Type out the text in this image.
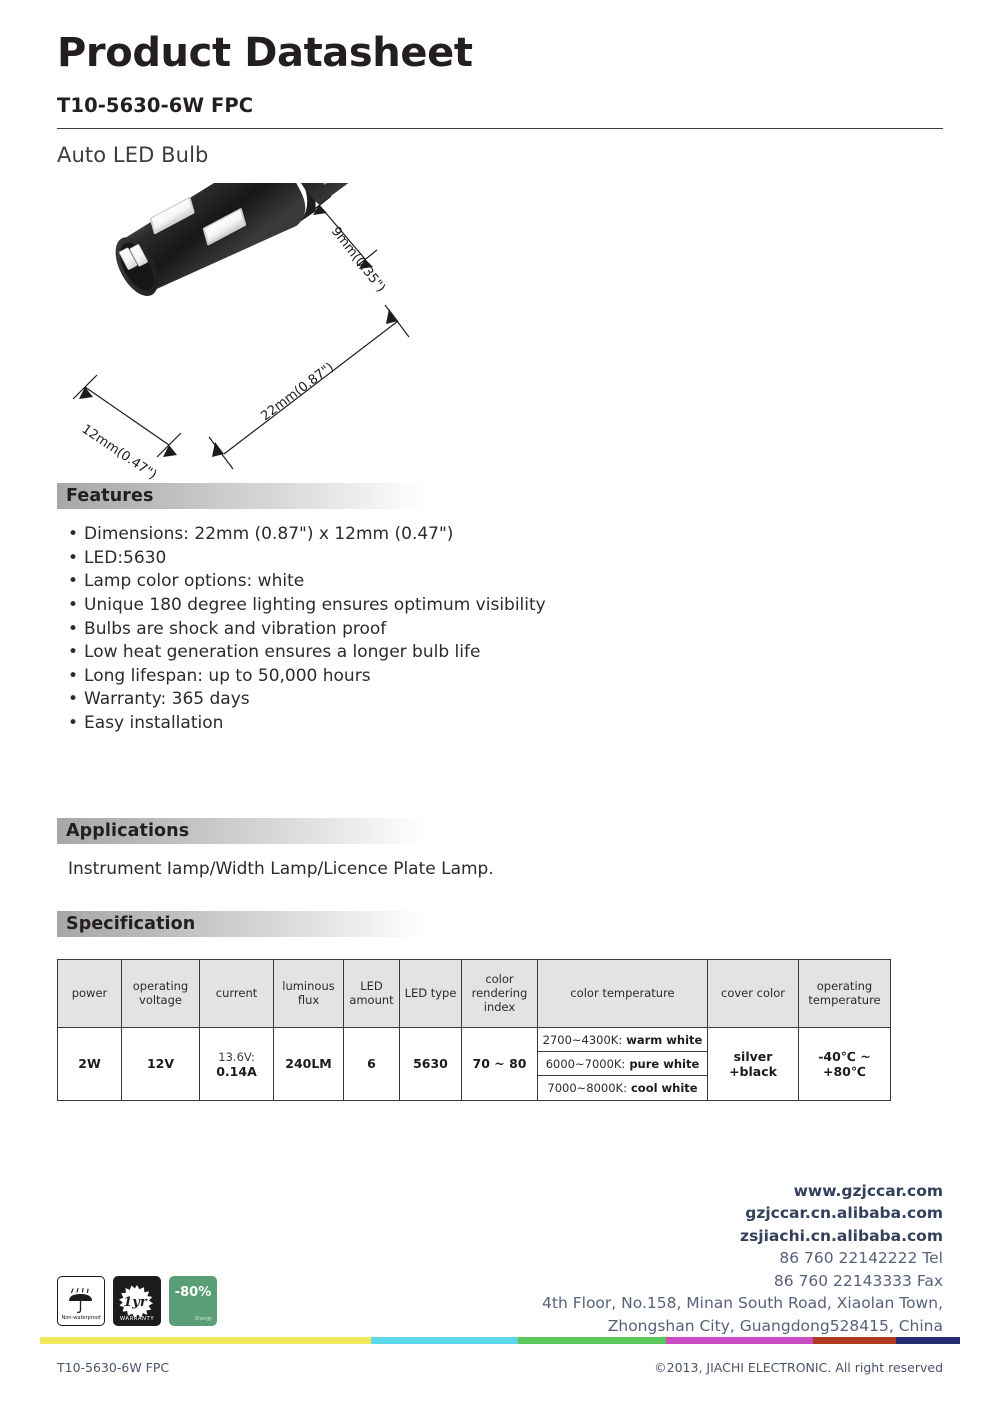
Product Datasheet
T10-5630-6W FPC
Auto LED Bulb
9mm(0.35")
22mm(0.87")
12mm(0.47")
Features
• Dimensions: 22mm (0.87") x 12mm (0.47")
• LED:5630
• Lamp color options: white
• Unique 180 degree lighting ensures optimum visibility
• Bulbs are shock and vibration proof
• Low heat generation ensures a longer bulb life
• Long lifespan: up to 50,000 hours
• Warranty: 365 days
• Easy installation
Applications
Instrument Iamp/Width Lamp/Licence Plate Lamp.
Specification
power	operating voltage	current	luminous flux	LED amount	LED type	color rendering index	color temperature	cover color	operating temperature
2W	12V	13.6V: 0.14A	240LM	6	5630	70 ~ 80	2700~4300K: warm white
6000~7000K: pure white
7000~8000K: cool white	silver +black	-40℃ ~ +80℃
www.gzjccar.com
gzjccar.cn.alibaba.com
zsjiachi.cn.alibaba.com
86 760 22142222 Tel
86 760 22143333 Fax
4th Floor, No.158, Minan South Road, Xiaolan Town,
Zhongshan City, Guangdong528415, China
Non-waterproof
1yr
WARRANTY
-80%
Energy
T10-5630-6W FPC	©2013, JIACHI ELECTRONIC. All right reserved
